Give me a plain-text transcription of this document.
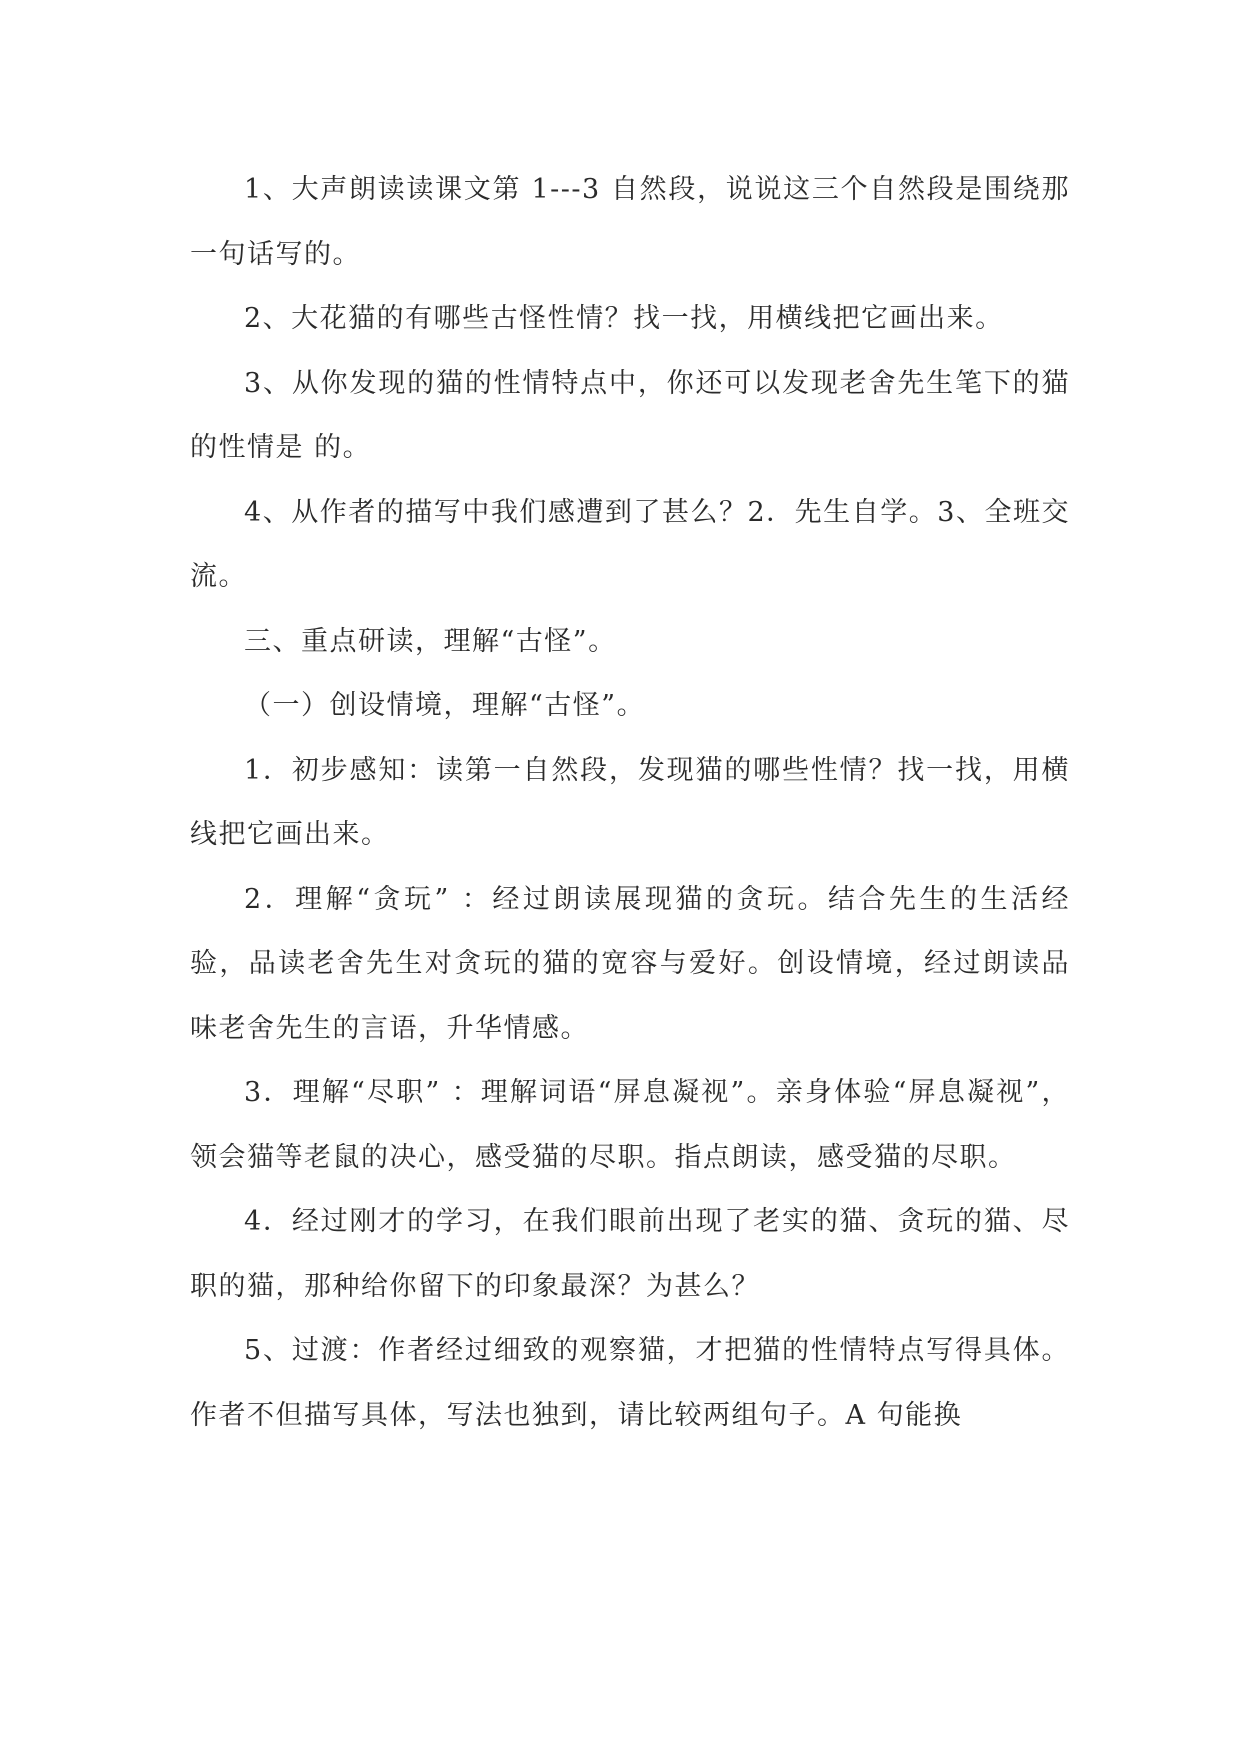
1、大声朗读读课文第 1---3 自然段，说说这三个自然段是围绕那一句话写的。

2、大花猫的有哪些古怪性情？找一找，用横线把它画出来。

3、从你发现的猫的性情特点中，你还可以发现老舍先生笔下的猫的性情是 的。

4、从作者的描写中我们感遭到了甚么？2．先生自学。3、全班交流。

三、重点研读，理解“古怪”。

（一）创设情境，理解“古怪”。

1．初步感知：读第一自然段，发现猫的哪些性情？找一找，用横线把它画出来。

2．理解“贪玩” ：经过朗读展现猫的贪玩。结合先生的生活经验，品读老舍先生对贪玩的猫的宽容与爱好。创设情境，经过朗读品味老舍先生的言语，升华情感。

3．理解“尽职” ：理解词语“屏息凝视”。亲身体验“屏息凝视”，领会猫等老鼠的决心，感受猫的尽职。指点朗读，感受猫的尽职。

4．经过刚才的学习，在我们眼前出现了老实的猫、贪玩的猫、尽职的猫，那种给你留下的印象最深？为甚么？

5、过渡：作者经过细致的观察猫，才把猫的性情特点写得具体。作者不但描写具体，写法也独到，请比较两组句子。A 句能换
